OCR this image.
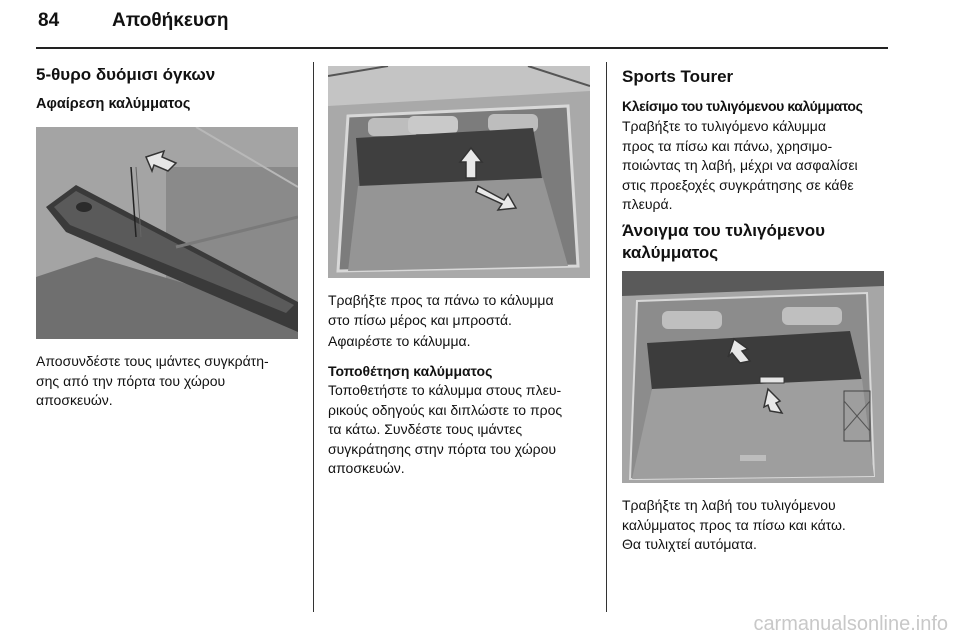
84	Αποθήκευση
5-θυρο δυόμισι όγκων
Αφαίρεση καλύμματος
Αποσυνδέστε τους ιμάντες συγκράτη-
σης από την πόρτα του χώρου
αποσκευών.
Τραβήξτε προς τα πάνω το κάλυμμα
στο πίσω μέρος και μπροστά.
Αφαιρέστε το κάλυμμα.
Τοποθέτηση καλύμματος
Τοποθετήστε το κάλυμμα στους πλευ-
ρικούς οδηγούς και διπλώστε το προς
τα κάτω. Συνδέστε τους ιμάντες
συγκράτησης στην πόρτα του χώρου
αποσκευών.
Sports Tourer
Κλείσιμο του τυλιγόμενου καλύμματος
Τραβήξτε το τυλιγόμενο κάλυμμα
προς τα πίσω και πάνω, χρησιμο-
ποιώντας τη λαβή, μέχρι να ασφαλίσει
στις προεξοχές συγκράτησης σε κάθε
πλευρά.
Άνοιγμα του τυλιγόμενου
καλύμματος
Τραβήξτε τη λαβή του τυλιγόμενου
καλύμματος προς τα πίσω και κάτω.
Θα τυλιχτεί αυτόματα.
carmanualsonline.info
